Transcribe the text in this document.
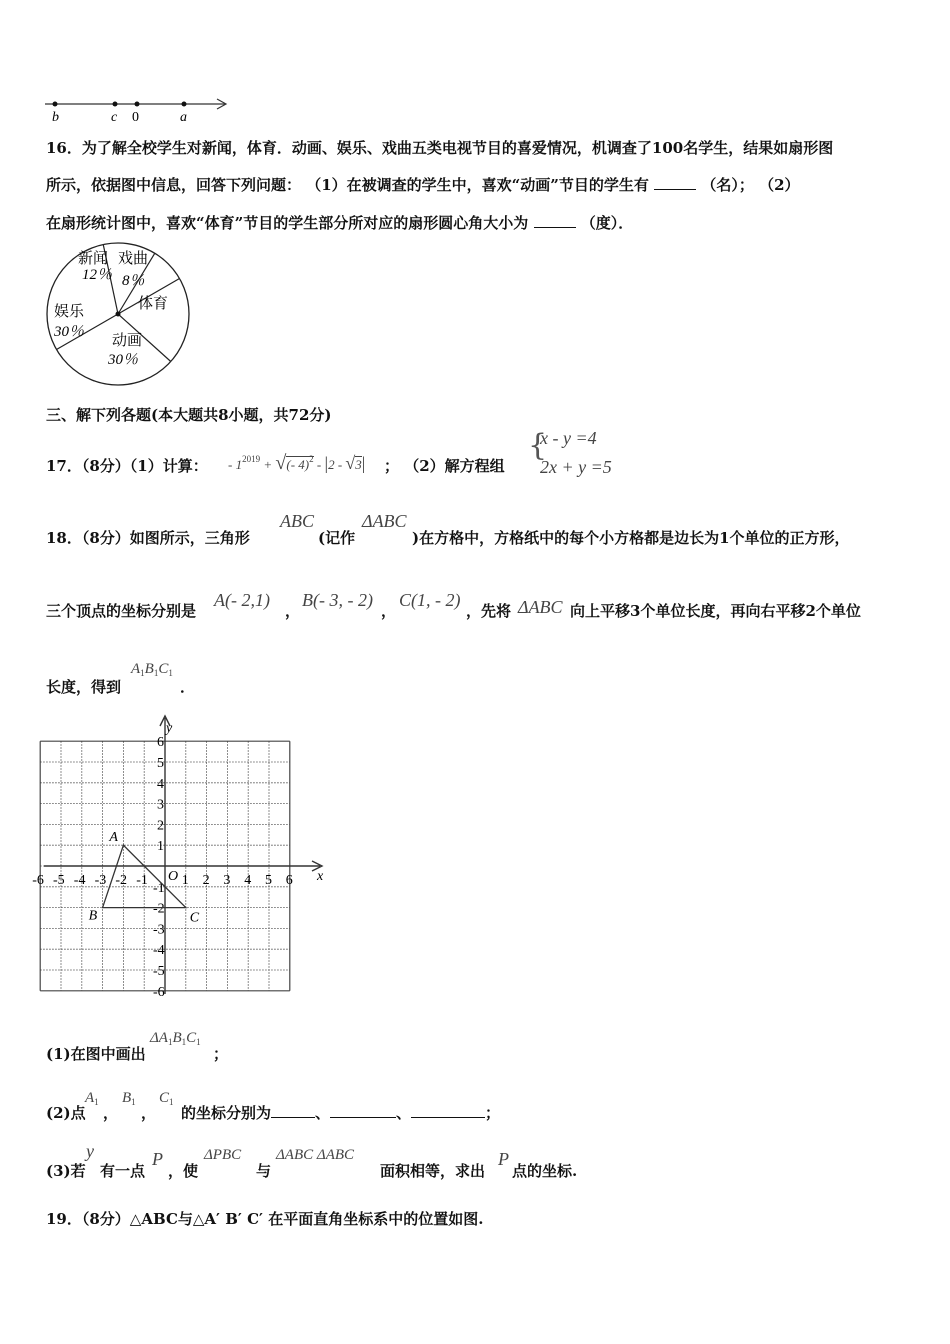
b	c 0	a
16．为了解全校学生对新闻，体育．动画、娱乐、戏曲五类电视节目的喜爱情况，机调查了100名学生，结果如扇形图
所示，依据图中信息，回答下列问题： （1）在被调查的学生中，喜欢“动画”节目的学生有	（名）； （2）
在扇形统计图中，喜欢“体育”节目的学生部分所对应的扇形圆心角大小为	（度）．
新闻
12％
戏曲
8％
体育
动画
30％
娱乐
30％
三、解下列各题(本大题共8小题，共72分)
17．（8分）（1）计算： - $1^{2019}$ + √(- 4)$^2$ - |2 - √3| ； （2）解方程组
{
x - y =4
2x + y =5
18．（8分）如图所示，三角形
ABC
(记作
ΔABC
)在方格中，方格纸中的每个小方格都是边长为1个单位的正方形，
三个顶点的坐标分别是
A(- 2,1)
，
B(- 3, - 2)
，
C(1, - 2)
，先将 ΔABC 向上平移3个单位长度，再向右平移2个单位
长度，得到
$A_1B_1C_1$
．
-6 -5 -4 -3 -2 -1 1 2 3 4 5 6
6
5
4
3
2
1
-1
-2
-3
-4
-5
-6
y
x
O
A
B	C
(1)在图中画出
$\Delta A_1B_1C_1$
；
(2)点
$A_1$
，
$B_1$
，
$C_1$
的坐标分别为	、	、	；
(3)若
y
有一点
P
，使
ΔPBC
与
ΔABC ΔABC
面积相等，求出
P
点的坐标.
19．（8分）△ABC与△A′ B′ C′ 在平面直角坐标系中的位置如图.
